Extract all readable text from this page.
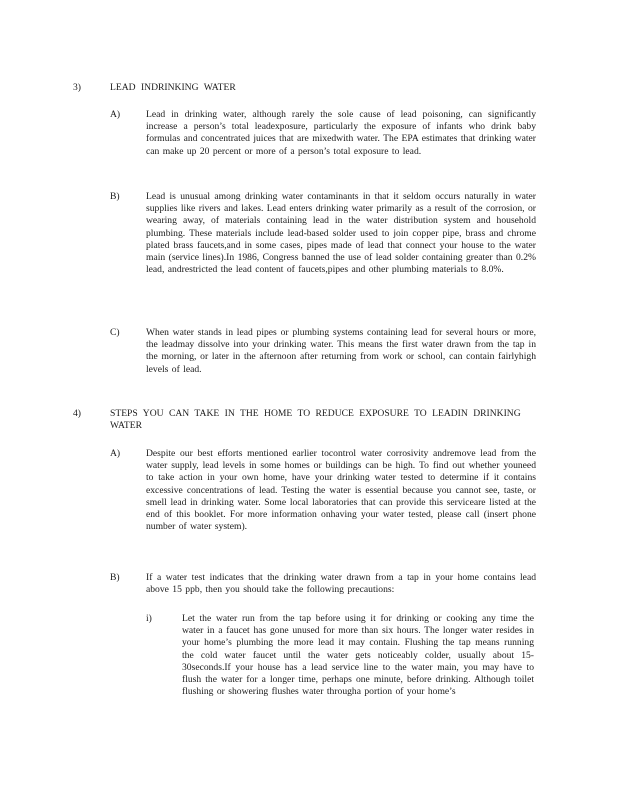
3)	LEAD INDRINKING WATER
A)	Lead in drinking water, although rarely the sole cause of lead poisoning, can significantly increase a person’s total leadexposure, particularly the exposure of infants who drink baby formulas and concentrated juices that are mixedwith water. The EPA estimates that drinking water can make up 20 percent or more of a person’s total exposure to lead.

B)	Lead is unusual among drinking water contaminants in that it seldom occurs naturally in water supplies like rivers and lakes. Lead enters drinking water primarily as a result of the corrosion, or wearing away, of materials containing lead in the water distribution system and household plumbing. These materials include lead-based solder used to join copper pipe, brass and chrome plated brass faucets,and in some cases, pipes made of lead that connect your house to the water main (service lines).In 1986, Congress banned the use of lead solder containing greater than 0.2% lead, andrestricted the lead content of faucets,pipes and other plumbing materials to 8.0%.

C)	When water stands in lead pipes or plumbing systems containing lead for several hours or more, the leadmay dissolve into your drinking water. This means the first water drawn from the tap in the morning, or later in the afternoon after returning from work or school, can contain fairlyhigh levels of lead.

4)	STEPS YOU CAN TAKE IN THE HOME TO REDUCE EXPOSURE TO LEADIN DRINKING WATER
A)	Despite our best efforts mentioned earlier tocontrol water corrosivity andremove lead from the water supply, lead levels in some homes or buildings can be high. To find out whether youneed to take action in your own home, have your drinking water tested to determine if it contains excessive concentrations of lead. Testing the water is essential because you cannot see, taste, or smell lead in drinking water. Some local laboratories that can provide this serviceare listed at the end of this booklet. For more information onhaving your water tested, please call (insert phone number of water system).

B)	If a water test indicates that the drinking water drawn from a tap in your home contains lead above 15 ppb, then you should take the following precautions:

i)	Let the water run from the tap before using it for drinking or cooking any time the water in a faucet has gone unused for more than six hours. The longer water resides in your home’s plumbing the more lead it may contain. Flushing the tap means running the cold water faucet until the water gets noticeably colder, usually about 15-30seconds.If your house has a lead service line to the water main, you may have to flush the water for a longer time, perhaps one minute, before drinking. Although toilet flushing or showering flushes water througha portion of your home’s
